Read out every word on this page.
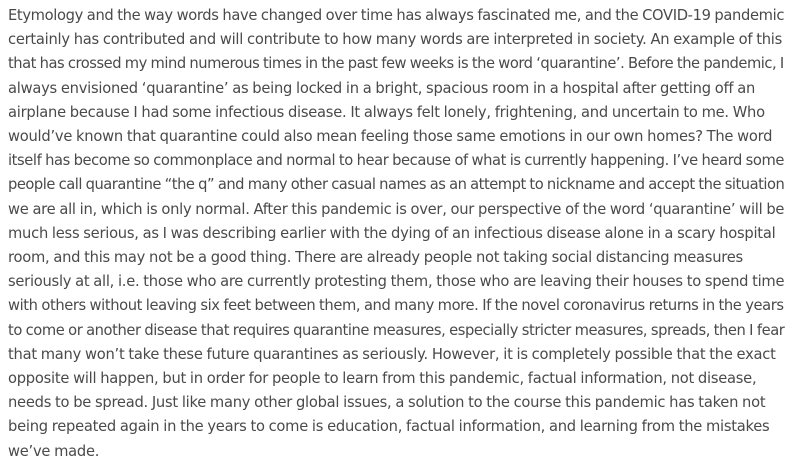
Etymology and the way words have changed over time has always fascinated me, and the COVID-19 pandemic
certainly has contributed and will contribute to how many words are interpreted in society. An example of this
that has crossed my mind numerous times in the past few weeks is the word ‘quarantine’. Before the pandemic, I
always envisioned ‘quarantine’ as being locked in a bright, spacious room in a hospital after getting off an
airplane because I had some infectious disease. It always felt lonely, frightening, and uncertain to me. Who
would’ve known that quarantine could also mean feeling those same emotions in our own homes? The word
itself has become so commonplace and normal to hear because of what is currently happening. I’ve heard some
people call quarantine “the q” and many other casual names as an attempt to nickname and accept the situation
we are all in, which is only normal. After this pandemic is over, our perspective of the word ‘quarantine’ will be
much less serious, as I was describing earlier with the dying of an infectious disease alone in a scary hospital
room, and this may not be a good thing. There are already people not taking social distancing measures
seriously at all, i.e. those who are currently protesting them, those who are leaving their houses to spend time
with others without leaving six feet between them, and many more. If the novel coronavirus returns in the years
to come or another disease that requires quarantine measures, especially stricter measures, spreads, then I fear
that many won’t take these future quarantines as seriously. However, it is completely possible that the exact
opposite will happen, but in order for people to learn from this pandemic, factual information, not disease,
needs to be spread. Just like many other global issues, a solution to the course this pandemic has taken not
being repeated again in the years to come is education, factual information, and learning from the mistakes
we’ve made.
